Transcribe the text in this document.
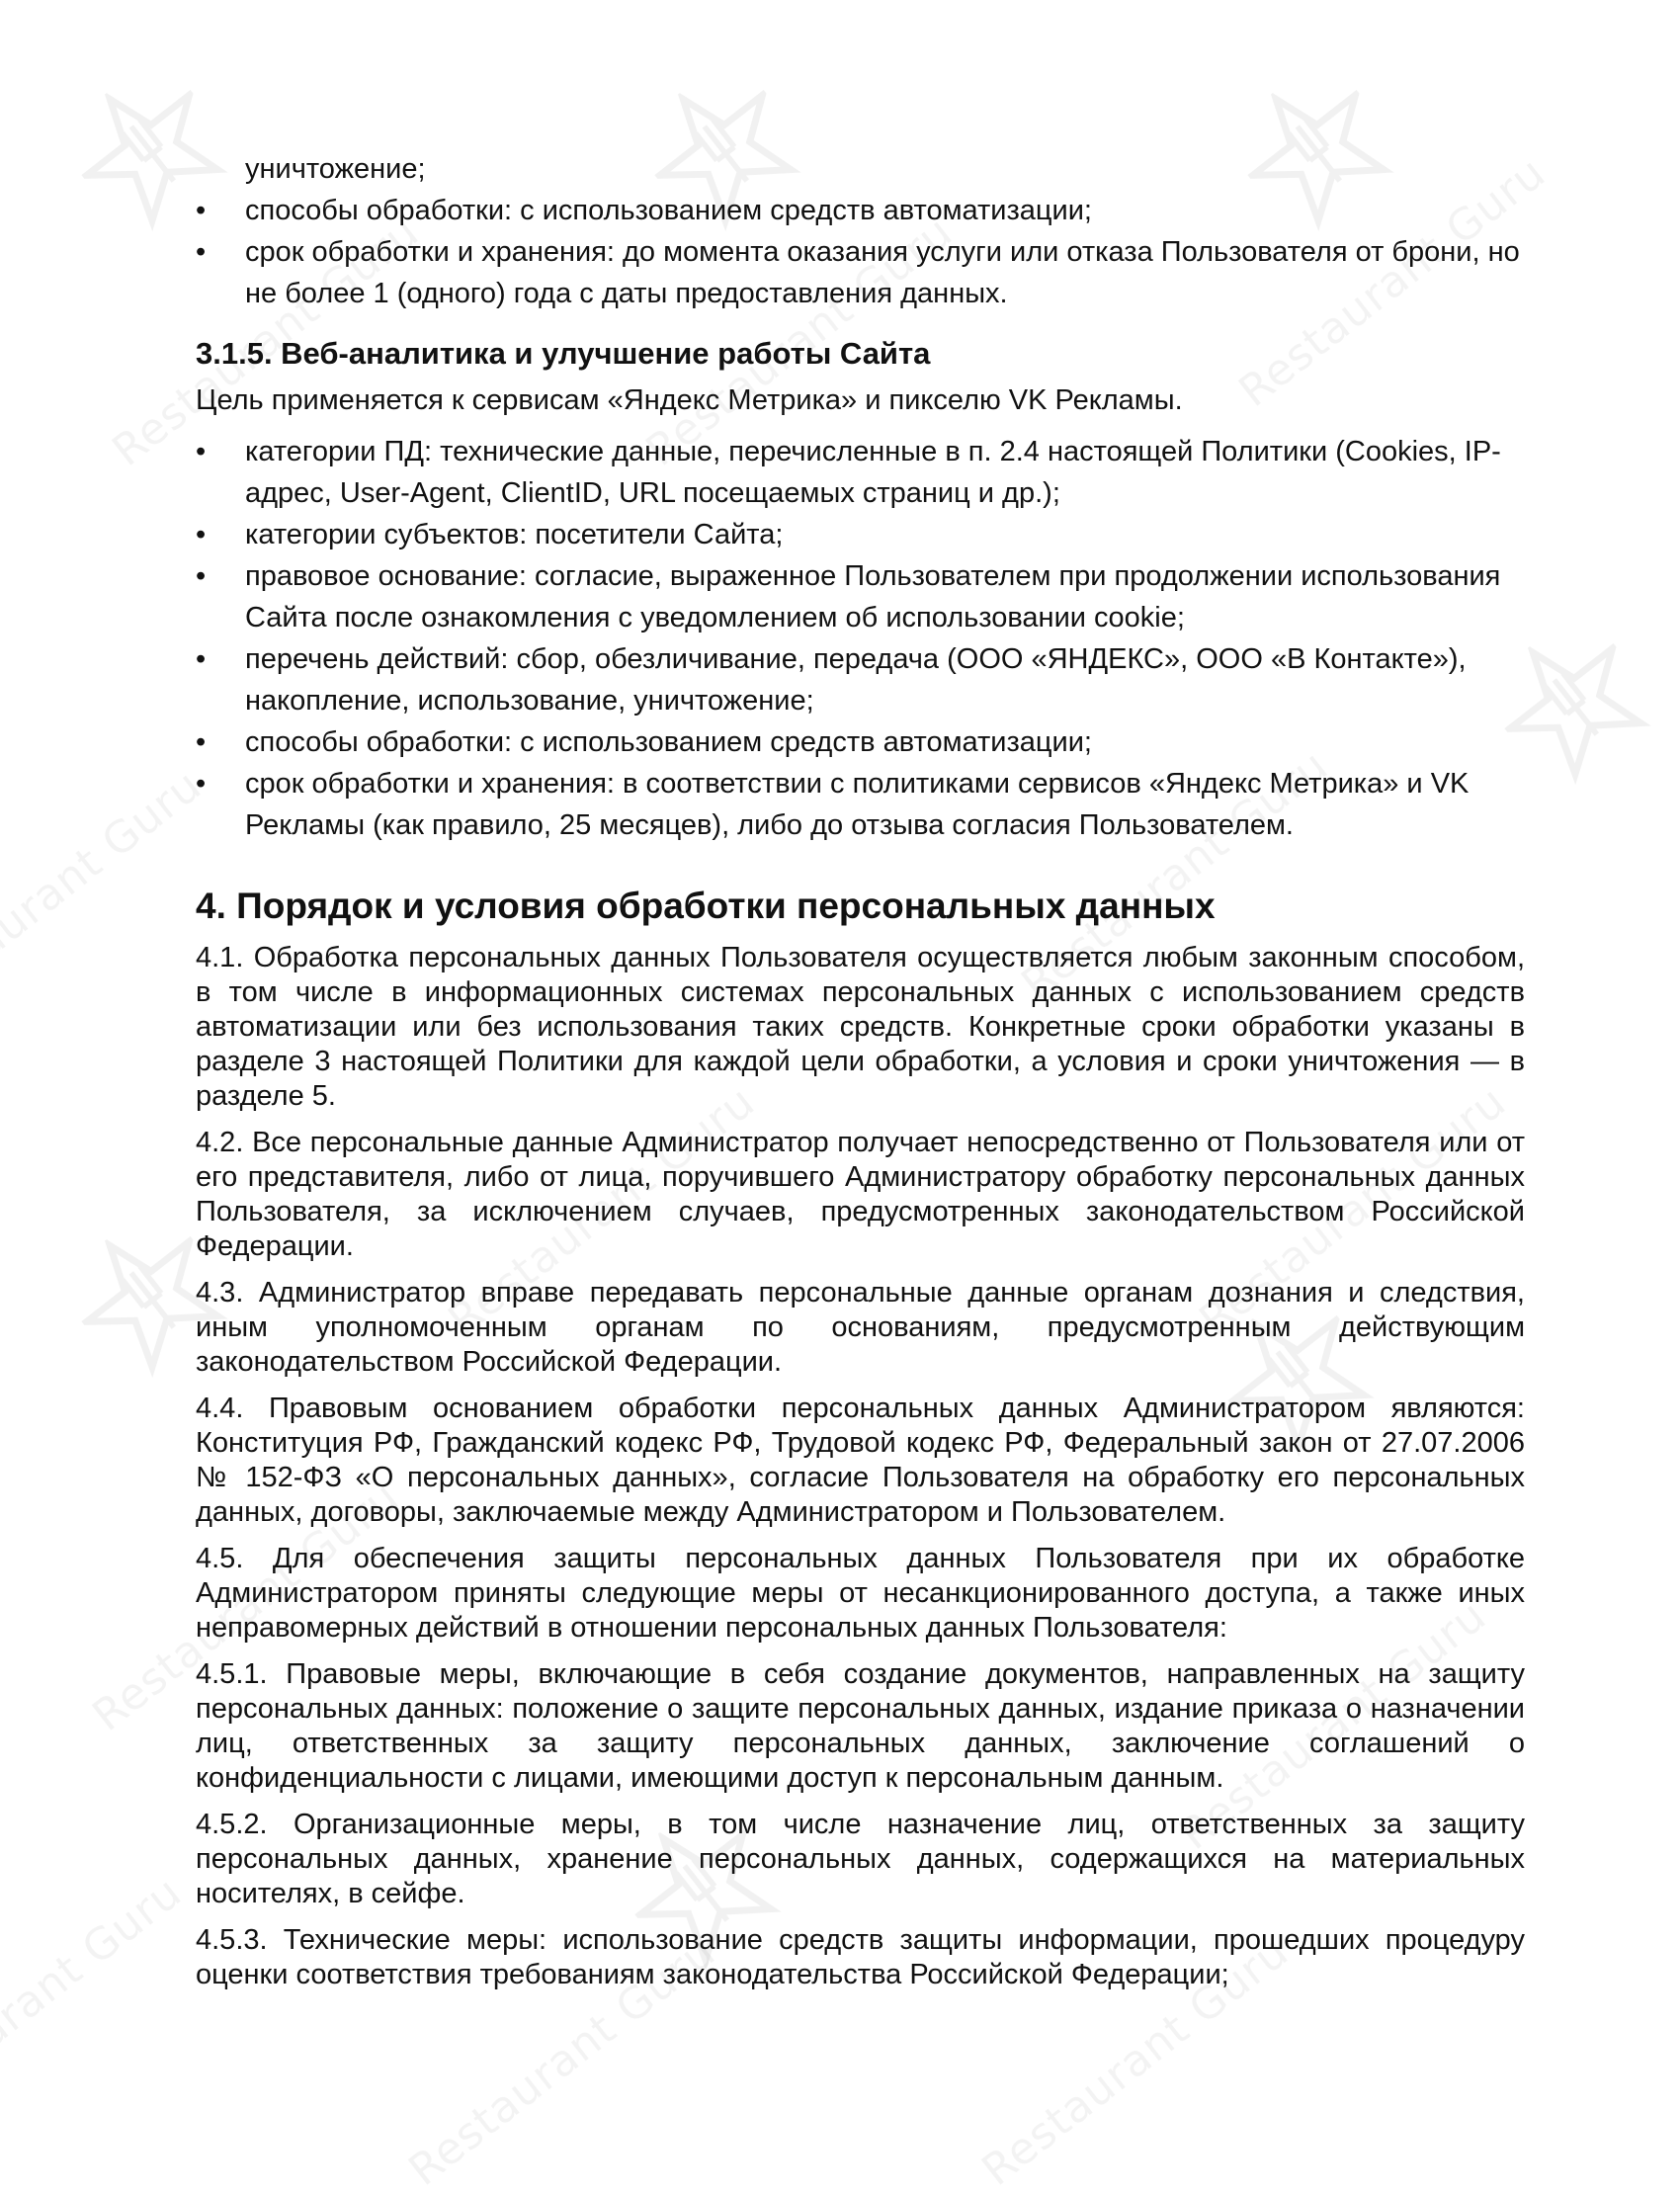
уничтожение;
• способы обработки: с использованием средств автоматизации;
• срок обработки и хранения: до момента оказания услуги или отказа Пользователя от брони, но не более 1 (одного) года с даты предоставления данных.
3.1.5. Веб-аналитика и улучшение работы Сайта

Цель применяется к сервисам «Яндекс Метрика» и пикселю VK Рекламы.

• категории ПД: технические данные, перечисленные в п. 2.4 настоящей Политики (Cookies, IP-адрес, User-Agent, ClientID, URL посещаемых страниц и др.);
• категории субъектов: посетители Сайта;
• правовое основание: согласие, выраженное Пользователем при продолжении использования Сайта после ознакомления с уведомлением об использовании cookie;
• перечень действий: сбор, обезличивание, передача (ООО «ЯНДЕКС», ООО «В Контакте»), накопление, использование, уничтожение;
• способы обработки: с использованием средств автоматизации;
• срок обработки и хранения: в соответствии с политиками сервисов «Яндекс Метрика» и VK Рекламы (как правило, 25 месяцев), либо до отзыва согласия Пользователем.
4. Порядок и условия обработки персональных данных

4.1. Обработка персональных данных Пользователя осуществляется любым законным способом, в том числе в информационных системах персональных данных с использованием средств автоматизации или без использования таких средств. Конкретные сроки обработки указаны в разделе 3 настоящей Политики для каждой цели обработки, а условия и сроки уничтожения — в разделе 5.

4.2. Все персональные данные Администратор получает непосредственно от Пользователя или от его представителя, либо от лица, поручившего Администратору обработку персональных данных Пользователя, за исключением случаев, предусмотренных законодательством Российской Федерации.

4.3. Администратор вправе передавать персональные данные органам дознания и следствия, иным уполномоченным органам по основаниям, предусмотренным действующим законодательством Российской Федерации.

4.4. Правовым основанием обработки персональных данных Администратором являются: Конституция РФ, Гражданский кодекс РФ, Трудовой кодекс РФ, Федеральный закон от 27.07.2006 № 152-ФЗ «О персональных данных», согласие Пользователя на обработку его персональных данных, договоры, заключаемые между Администратором и Пользователем.

4.5. Для обеспечения защиты персональных данных Пользователя при их обработке Администратором приняты следующие меры от несанкционированного доступа, а также иных неправомерных действий в отношении персональных данных Пользователя:

4.5.1. Правовые меры, включающие в себя создание документов, направленных на защиту персональных данных: положение о защите персональных данных, издание приказа о назначении лиц, ответственных за защиту персональных данных, заключение соглашений о конфиденциальности с лицами, имеющими доступ к персональным данным.

4.5.2. Организационные меры, в том числе назначение лиц, ответственных за защиту персональных данных, хранение персональных данных, содержащихся на материальных носителях, в сейфе.

4.5.3. Технические меры: использование средств защиты информации, прошедших процедуру оценки соответствия требованиям законодательства Российской Федерации;
